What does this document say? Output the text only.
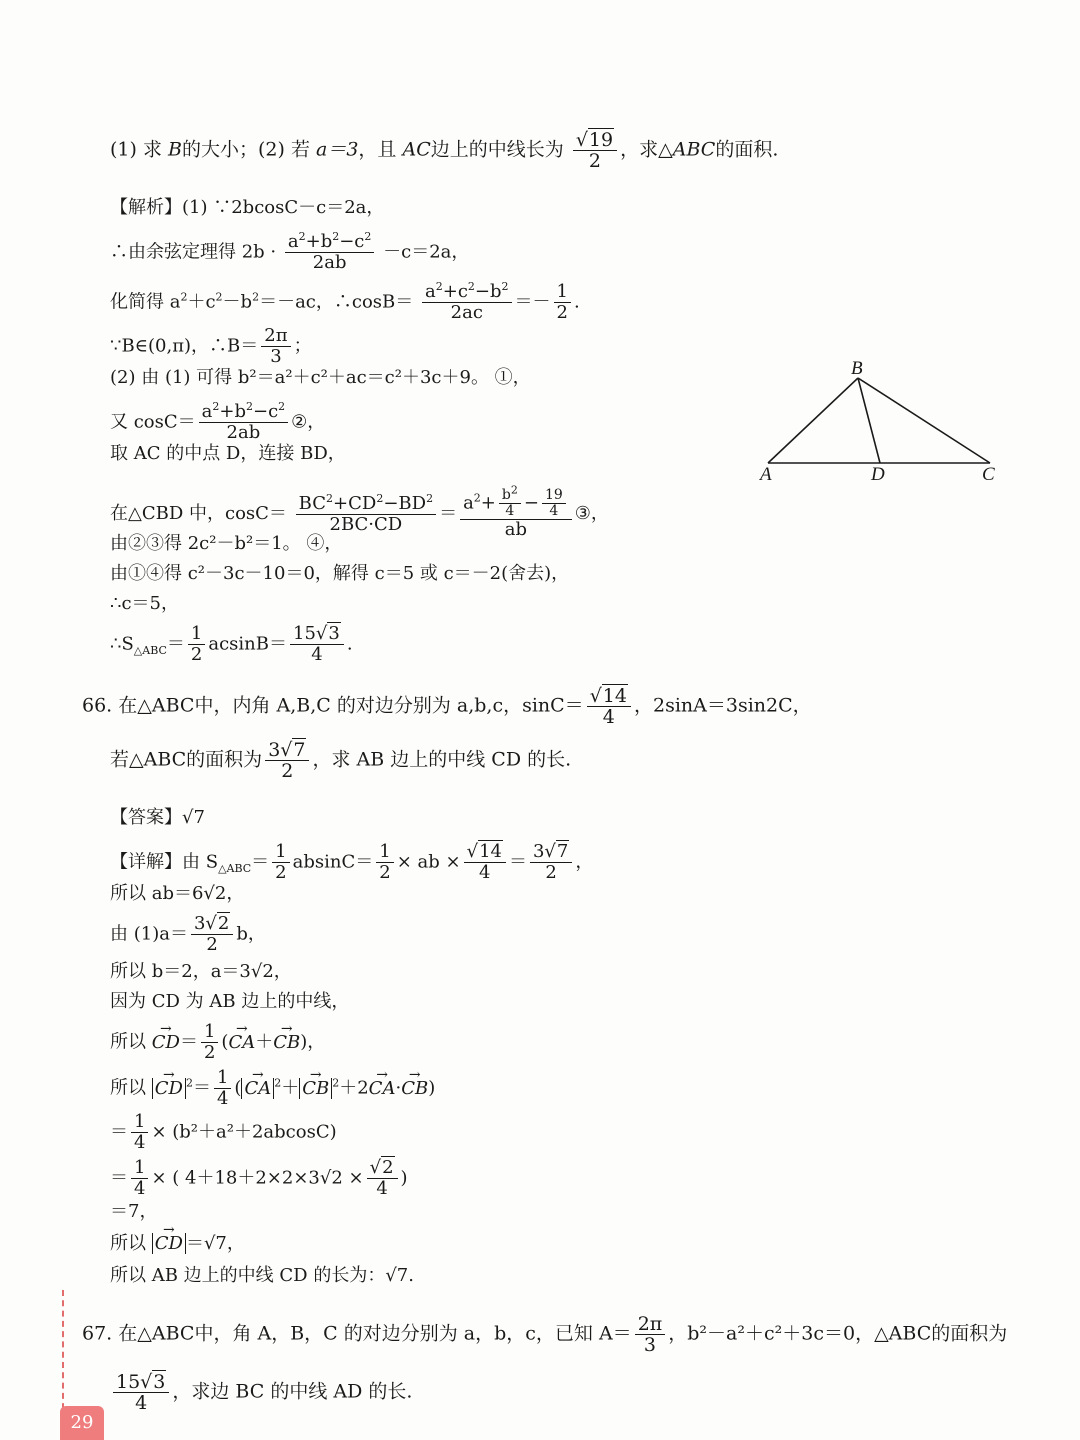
(1) 求 B的大小；(2) 若 a＝3，且 AC边上的中线长为 $\frac{√19}{2}$ ，求△ABC的面积.
【解析】(1) ∵2bcosC－c＝2a，
∴由余弦定理得 $2b \cdot \frac{a^2+b^2-c^2}{2ab} -c=2a$，
化简得 $a^2+c^2-b^2=-ac$，∴cosB＝ $\frac{a^2+c^2-b^2}{2ac} =- \frac{1}{2}$ .
∵B∈(0,π)，∴B＝ $\frac{2\pi}{3}$ ；
(2) 由 (1) 可得 b²＝a²＋c²＋ac＝c²＋3c＋9。 ①，
又 $\cos C= \frac{a^2+b^2-c^2}{2ab}$ ②，
取 AC 的中点 D，连接 BD，
在△CBD 中，$\cos C= \frac{BC^2+CD^2-BD^2}{2BC\cdot CD} = \frac{a^2+ \frac{b^2}{4} - \frac{19}{4}}{ab}$ ③，
由②③得 2c²－b²＝1。 ④，
由①④得 c²－3c－10＝0，解得 c＝5 或 c＝－2(舍去)，
∴c＝5，
$\therefore S_{\triangle ABC}= \frac{1}{2} acsinB= \frac{15√3}{4}$ .
A
B
C
D
66. 在△ABC中，内角 A,B,C 的对边分别为 a,b,c，$\sin C= \frac{√14}{4}$ ，2sinA＝3sin2C，
若△ABC的面积为 $\frac{3√7}{2}$ ，求 AB 边上的中线 CD 的长.
【答案】√7
【详解】由 $S_{\triangle ABC}= \frac{1}{2} absinC= \frac{1}{2}$ × ab × $\frac{√14}{4} = \frac{3√7}{2}$ ，
所以 ab＝6√2，
由 $(1)a= \frac{3√2}{2}$ b，
所以 b＝2，a＝3√2，
因为 CD 为 AB 边上的中线，
所以 → $CD= \frac{1}{2}$ (→ CA＋→ CB)，
所以 → CD $^2= \frac{1}{4}$ ( → CA $^2$＋ → CB $^2$＋2→ CA·→ CB)
＝ $\frac{1}{4} \times (b^2+a^2+2abcosC)$
＝ $\frac{1}{4}$ × ( $4+18+2\times 2\times 3√2 \times \frac{√2}{4}$ )
＝7，
所以 → CD ＝√7，
所以 AB 边上的中线 CD 的长为：√7.
67. 在△ABC中，角 A，B，C 的对边分别为 a，b，c，已知 $A= \frac{2\pi}{3}$ ，b²－a²＋c²＋3c＝0，△ABC的面积为
$\frac{15√3}{4}$ ，求边 BC 的中线 AD 的长.
29
